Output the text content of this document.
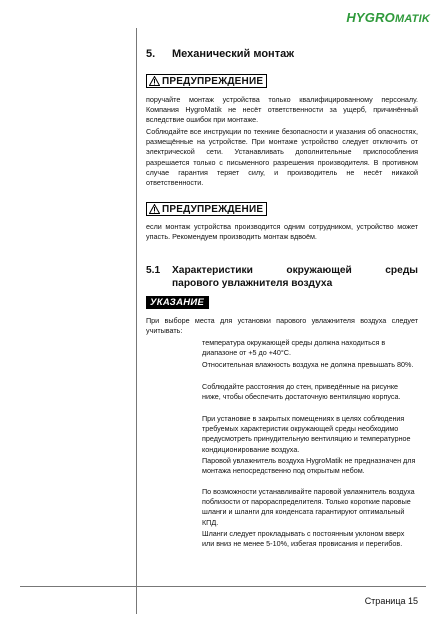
HYGROMATIK
5. Механический монтаж
ПРЕДУПРЕЖДЕНИЕ
поручайте монтаж устройства только квалифицированному персоналу. Компания HygroMatik не несёт ответственности за ущерб, причинённый вследствие ошибок при монтаже.
Соблюдайте все инструкции по технике безопасности и указания об опасностях, размещённые на устройстве. При монтаже устройство следует отключить от электрической сети. Устанавливать дополнительные приспособления разрешается только с письменного разрешения производителя. В противном случае гарантия теряет силу, и производитель не несёт никакой ответственности.
ПРЕДУПРЕЖДЕНИЕ
если монтаж устройства производится одним сотрудником, устройство может упасть. Рекомендуем производить монтаж вдвоём.
5.1 Характеристики окружающей среды
парового увлажнителя воздуха
УКАЗАНИЕ
При выборе места для установки парового увлажнителя воздуха следует учитывать:
температура окружающей среды должна находиться в диапазоне от +5 до +40°C.
Относительная влажность воздуха не должна превышать 80%.
Соблюдайте расстояния до стен, приведённые на рисунке ниже, чтобы обеспечить достаточную вентиляцию корпуса.
При установке в закрытых помещениях в целях соблюдения требуемых характеристик окружающей среды необходимо предусмотреть принудительную вентиляцию и температурное кондиционирование воздуха.
Паровой увлажнитель воздуха HygroMatik не предназначен для монтажа непосредственно под открытым небом.
По возможности устанавливайте паровой увлажнитель воздуха поблизости от парораспределителя. Только короткие паровые шланги и шланги для конденсата гарантируют оптимальный КПД.
Шланги следует прокладывать с постоянным уклоном вверх или вниз не менее 5-10%, избегая провисания и перегибов.
Страница 15
